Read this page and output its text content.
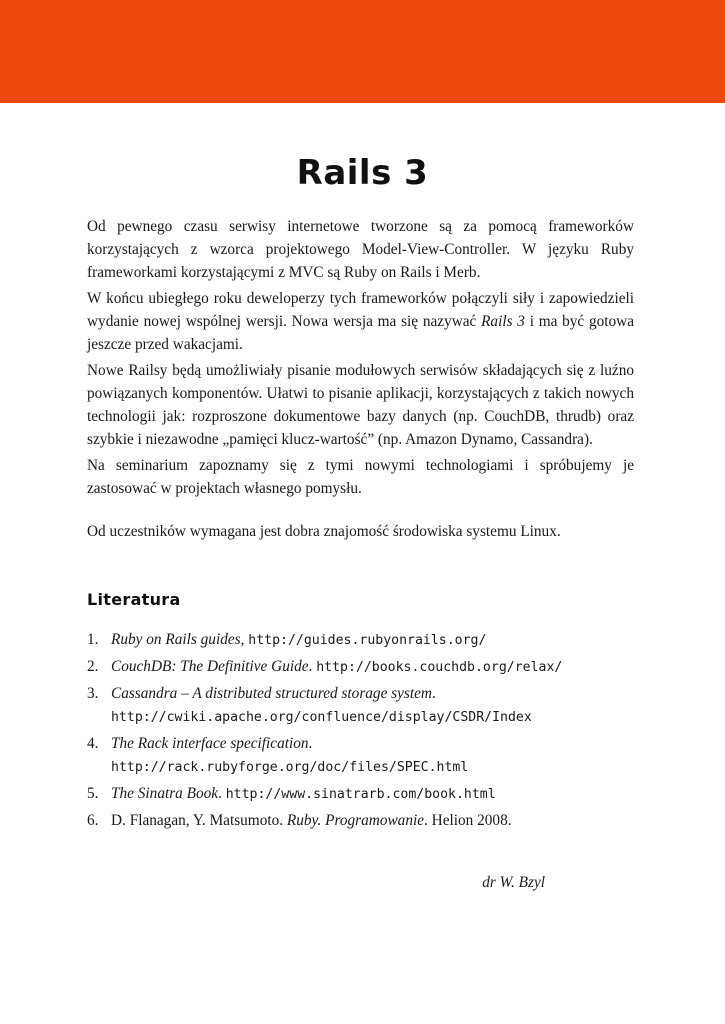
Rails 3

Od pewnego czasu serwisy internetowe tworzone są za pomocą frameworków korzystających z wzorca projektowego Model-View-Controller. W języku Ruby frameworkami korzystającymi z MVC są Ruby on Rails i Merb.

W końcu ubiegłego roku deweloperzy tych frameworków połączyli siły i zapowiedzieli wydanie nowej wspólnej wersji. Nowa wersja ma się nazywać Rails 3 i ma być gotowa jeszcze przed wakacjami.

Nowe Railsy będą umożliwiały pisanie modułowych serwisów składających się z luźno powiązanych komponentów. Ułatwi to pisanie aplikacji, korzystających z takich nowych technologii jak: rozproszone dokumentowe bazy danych (np. CouchDB, thrudb) oraz szybkie i niezawodne „pamięci klucz-wartość” (np. Amazon Dynamo, Cassandra).

Na seminarium zapoznamy się z tymi nowymi technologiami i spróbujemy je zastosować w projektach własnego pomysłu.

Od uczestników wymagana jest dobra znajomość środowiska systemu Linux.

Literatura
1. Ruby on Rails guides, http://guides.rubyonrails.org/
2. CouchDB: The Definitive Guide. http://books.couchdb.org/relax/
3. Cassandra – A distributed structured storage system.
http://cwiki.apache.org/confluence/display/CSDR/Index
4. The Rack interface specification.
http://rack.rubyforge.org/doc/files/SPEC.html
5. The Sinatra Book. http://www.sinatrarb.com/book.html
6. D. Flanagan, Y. Matsumoto. Ruby. Programowanie. Helion 2008.
dr W. Bzyl
